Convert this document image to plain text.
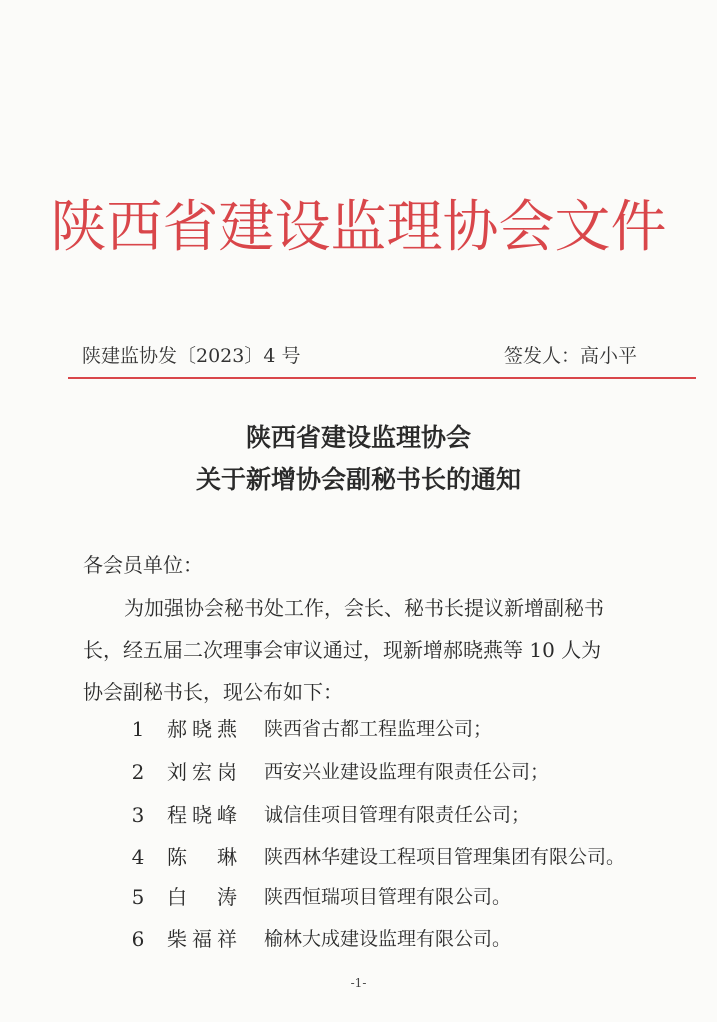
陕西省建设监理协会文件
陕建监协发〔2023〕4 号	签发人：高小平
陕西省建设监理协会
关于新增协会副秘书长的通知
各会员单位：
为加强协会秘书处工作，会长、秘书长提议新增副秘书
长，经五届二次理事会审议通过，现新增郝晓燕等 10 人为
协会副秘书长，现公布如下：
1 郝晓燕 陕西省古都工程监理公司；
2 刘宏岗 西安兴业建设监理有限责任公司；
3 程晓峰 诚信佳项目管理有限责任公司；
4 陈琳 陕西林华建设工程项目管理集团有限公司。
5 白涛 陕西恒瑞项目管理有限公司。
6 柴福祥 榆林大成建设监理有限公司。
-1-
